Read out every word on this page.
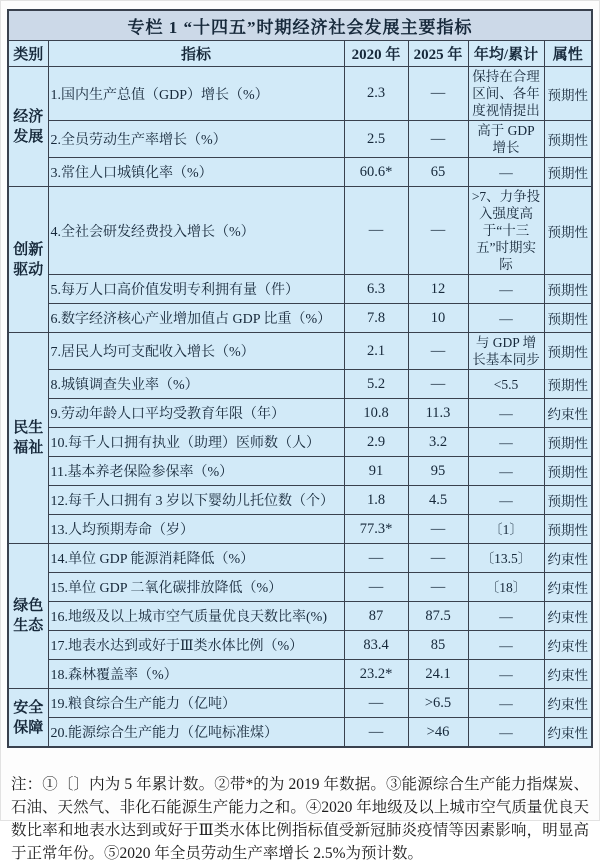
专栏 1 “十四五”时期经济社会发展主要指标					
类别	指标	2020 年	2025 年	年均/累计	属性
经济发展	1.国内生产总值（GDP）增长（%）	2.3	—	保持在合理区间、各年度视情提出	预期性
	2.全员劳动生产率增长（%）	2.5	—	高于 GDP 增长	预期性
	3.常住人口城镇化率（%）	60.6*	65	—	预期性
创新驱动	4.全社会研发经费投入增长（%）	—	—	>7、力争投入强度高于“十三五”时期实际	预期性
	5.每万人口高价值发明专利拥有量（件）	6.3	12	—	预期性
	6.数字经济核心产业增加值占 GDP 比重（%）	7.8	10	—	预期性
民生福祉	7.居民人均可支配收入增长（%）	2.1	—	与 GDP 增长基本同步	预期性
	8.城镇调查失业率（%）	5.2	—	<5.5	预期性
	9.劳动年龄人口平均受教育年限（年）	10.8	11.3	—	约束性
	10.每千人口拥有执业（助理）医师数（人）	2.9	3.2	—	预期性
	11.基本养老保险参保率（%）	91	95	—	预期性
	12.每千人口拥有 3 岁以下婴幼儿托位数（个）	1.8	4.5	—	预期性
	13.人均预期寿命（岁）	77.3*	—	〔1〕	预期性
绿色生态	14.单位 GDP 能源消耗降低（%）	—	—	〔13.5〕	约束性
	15.单位 GDP 二氧化碳排放降低（%）	—	—	〔18〕	约束性
	16.地级及以上城市空气质量优良天数比率(%)	87	87.5	—	约束性
	17.地表水达到或好于Ⅲ类水体比例（%）	83.4	85	—	约束性
	18.森林覆盖率（%）	23.2*	24.1	—	约束性
安全保障	19.粮食综合生产能力（亿吨）	—	>6.5	—	约束性
	20.能源综合生产能力（亿吨标准煤）	—	>46	—	约束性

注：①〔〕内为 5 年累计数。②带*的为 2019 年数据。③能源综合生产能力指煤炭、石油、天然气、非化石能源生产能力之和。④2020 年地级及以上城市空气质量优良天数比率和地表水达到或好于Ⅲ类水体比例指标值受新冠肺炎疫情等因素影响，明显高于正常年份。⑤2020 年全员劳动生产率增长 2.5%为预计数。
